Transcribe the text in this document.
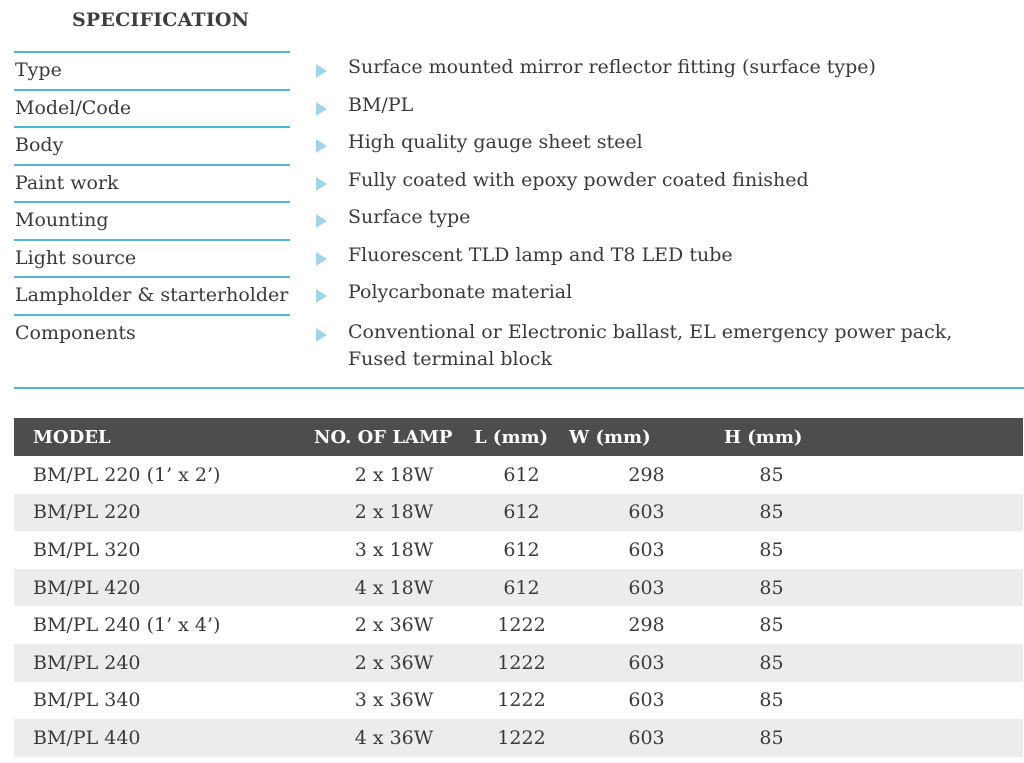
SPECIFICATION
Type	Surface mounted mirror reflector fitting (surface type)
Model/Code	BM/PL
Body	High quality gauge sheet steel
Paint work	Fully coated with epoxy powder coated finished
Mounting	Surface type
Light source	Fluorescent TLD lamp and T8 LED tube
Lampholder & starterholder	Polycarbonate material
Components	Conventional or Electronic ballast, EL emergency power pack,
Fused terminal block
MODEL	NO. OF LAMP	L (mm)	W (mm)	H (mm)	
BM/PL 220 (1’ x 2’)	2 x 18W	612	298	85	
BM/PL 220	2 x 18W	612	603	85	
BM/PL 320	3 x 18W	612	603	85	
BM/PL 420	4 x 18W	612	603	85	
BM/PL 240 (1’ x 4’)	2 x 36W	1222	298	85	
BM/PL 240	2 x 36W	1222	603	85	
BM/PL 340	3 x 36W	1222	603	85	
BM/PL 440	4 x 36W	1222	603	85	
